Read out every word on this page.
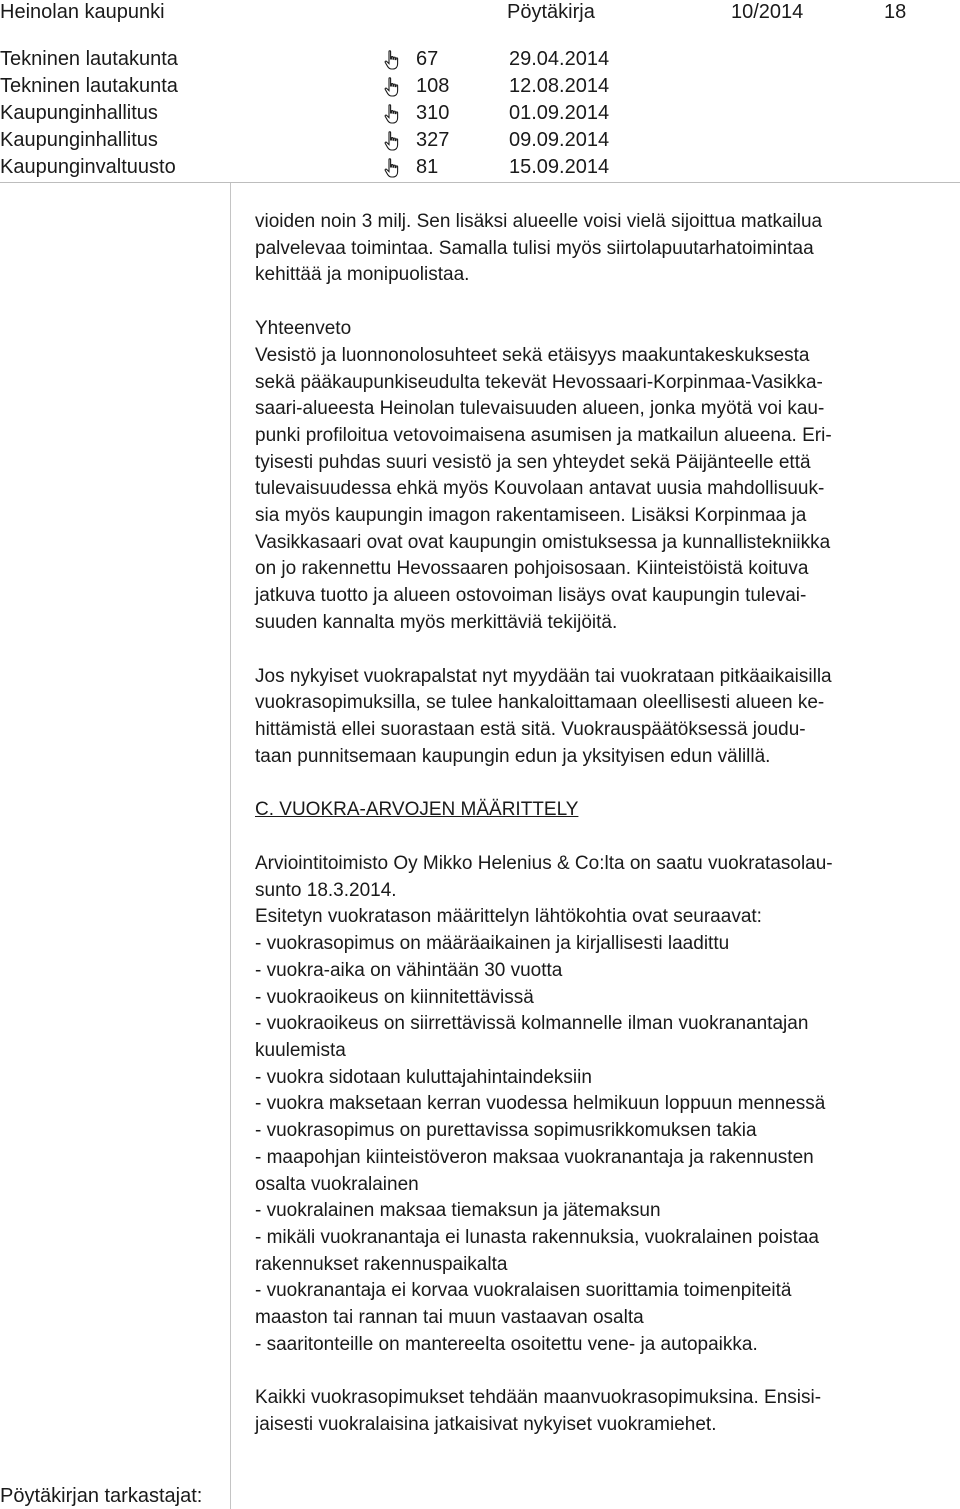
Heinolan kaupunki	Pöytäkirja	10/2014	18
Tekninen lautakunta	67	29.04.2014
Tekninen lautakunta	108	12.08.2014
Kaupunginhallitus	310	01.09.2014
Kaupunginhallitus	327	09.09.2014
Kaupunginvaltuusto	81	15.09.2014

vioiden noin 3 milj. Sen lisäksi alueelle voisi vielä sijoittua matkailua
palvelevaa toimintaa. Samalla tulisi myös siirtolapuutarhatoimintaa
kehittää ja monipuolistaa.

Yhteenveto

Vesistö ja luonnonolosuhteet sekä etäisyys maakuntakeskuksesta
sekä pääkaupunkiseudulta tekevät Hevossaari-Korpinmaa-Vasikka-
saari-alueesta Heinolan tulevaisuuden alueen, jonka myötä voi kau-
punki profiloitua vetovoimaisena asumisen ja matkailun alueena. Eri-
tyisesti puhdas suuri vesistö ja sen yhteydet sekä Päijänteelle että
tulevaisuudessa ehkä myös Kouvolaan antavat uusia mahdollisuuk-
sia myös kaupungin imagon rakentamiseen. Lisäksi Korpinmaa ja
Vasikkasaari ovat ovat kaupungin omistuksessa ja kunnallistekniikka
on jo rakennettu Hevossaaren pohjoisosaan. Kiinteistöistä koituva
jatkuva tuotto ja alueen ostovoiman lisäys ovat kaupungin tulevai-
suuden kannalta myös merkittäviä tekijöitä.

Jos nykyiset vuokrapalstat nyt myydään tai vuokrataan pitkäaikaisilla
vuokrasopimuksilla, se tulee hankaloittamaan oleellisesti alueen ke-
hittämistä ellei suorastaan estä sitä. Vuokrauspäätöksessä joudu-
taan punnitsemaan kaupungin edun ja yksityisen edun välillä.

C. VUOKRA-ARVOJEN MÄÄRITTELY

Arviointitoimisto Oy Mikko Helenius & Co:lta on saatu vuokratasolau-
sunto 18.3.2014.

Esitetyn vuokratason määrittelyn lähtökohtia ovat seuraavat:

- vuokrasopimus on määräaikainen ja kirjallisesti laadittu

- vuokra-aika on vähintään 30 vuotta

- vuokraoikeus on kiinnitettävissä

- vuokraoikeus on siirrettävissä kolmannelle ilman vuokranantajan
kuulemista

- vuokra sidotaan kuluttajahintaindeksiin

- vuokra maksetaan kerran vuodessa helmikuun loppuun mennessä

- vuokrasopimus on purettavissa sopimusrikkomuksen takia

- maapohjan kiinteistöveron maksaa vuokranantaja ja rakennusten
osalta vuokralainen

- vuokralainen maksaa tiemaksun ja jätemaksun

- mikäli vuokranantaja ei lunasta rakennuksia, vuokralainen poistaa
rakennukset rakennuspaikalta

- vuokranantaja ei korvaa vuokralaisen suorittamia toimenpiteitä
maaston tai rannan tai muun vastaavan osalta

- saaritonteille on mantereelta osoitettu vene- ja autopaikka.

Kaikki vuokrasopimukset tehdään maanvuokrasopimuksina. Ensisi-
jaisesti vuokralaisina jatkaisivat nykyiset vuokramiehet.

Pöytäkirjan tarkastajat:
